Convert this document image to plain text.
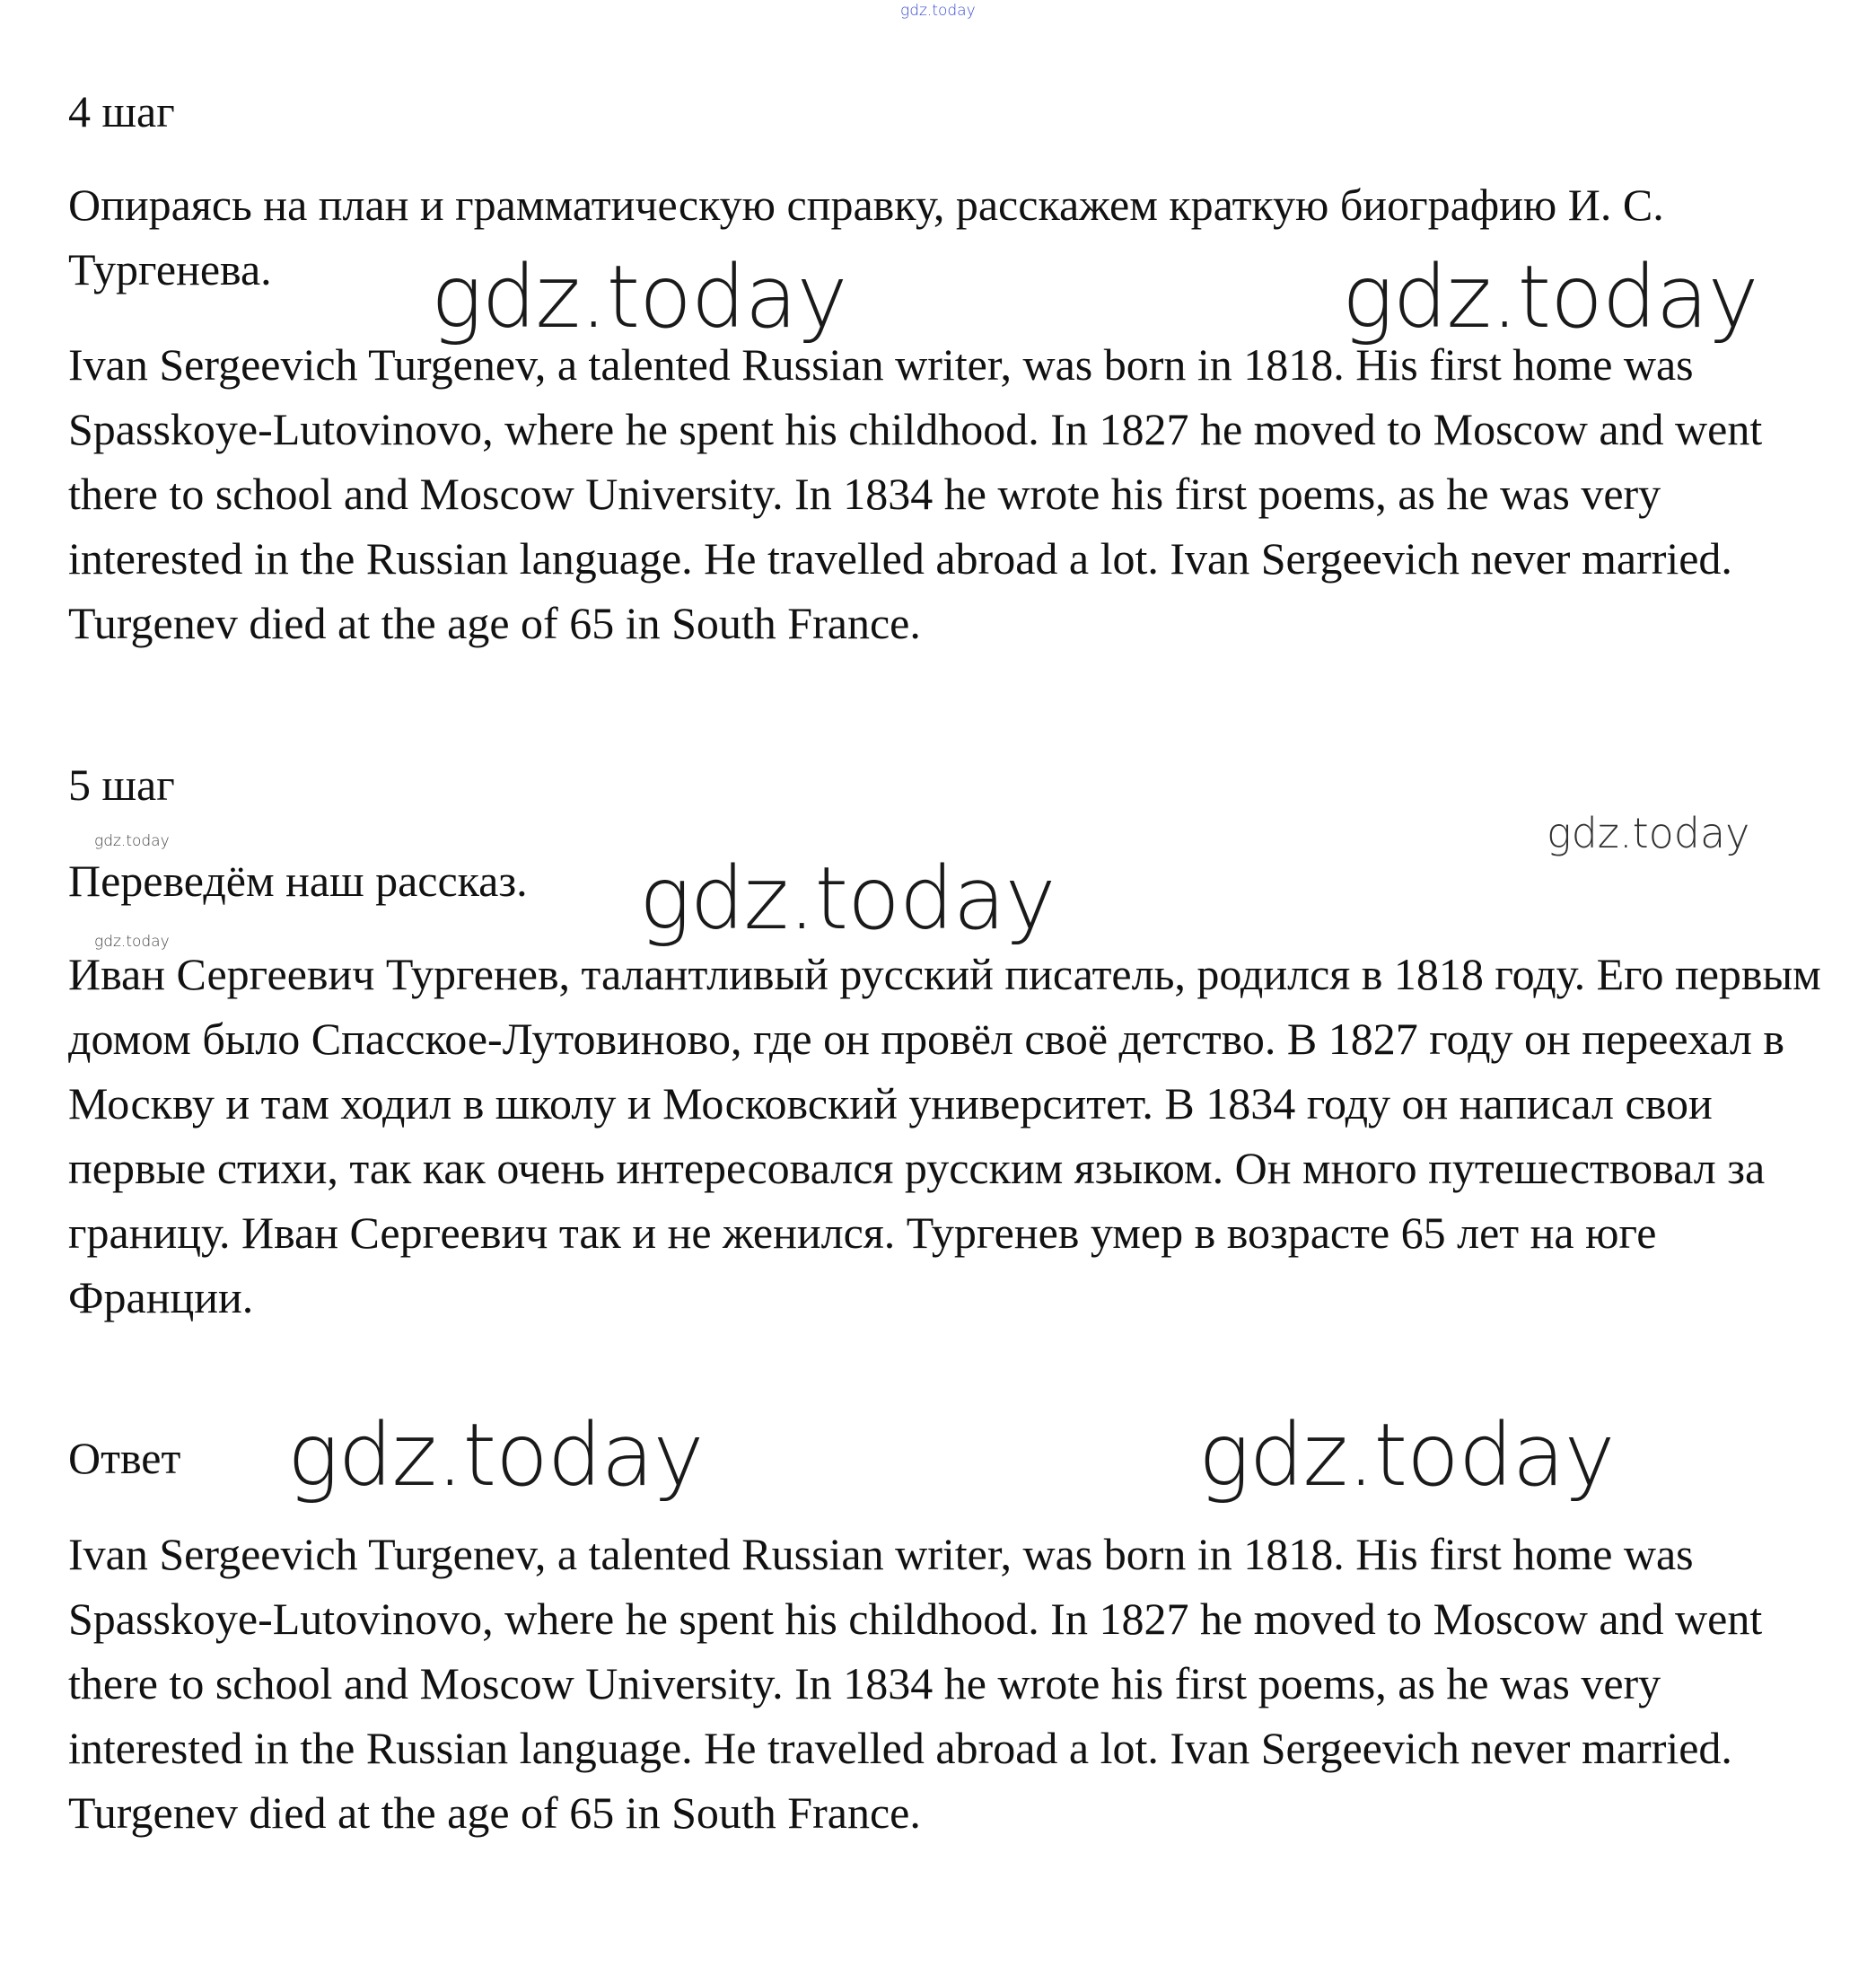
gdz.today
gdz.today	gdz.today
gdz.today	gdz.today
gdz.today
gdz.today
gdz.today	gdz.today
4 шаг
Опираясь на план и грамматическую справку, расскажем краткую биографию И. С. Тургенева.
Ivan Sergeevich Turgenev, a talented Russian writer, was born in 1818. His first home was Spasskoye-Lutovinovo, where he spent his childhood. In 1827 he moved to Moscow and went there to school and Moscow University. In 1834 he wrote his first poems, as he was very interested in the Russian language. He travelled abroad a lot. Ivan Sergeevich never married. Turgenev died at the age of 65 in South France.
5 шаг
Переведём наш рассказ.
Иван Сергеевич Тургенев, талантливый русский писатель, родился в 1818 году. Его первым домом было Спасское-Лутовиново, где он провёл своё детство. В 1827 году он переехал в Москву и там ходил в школу и Московский университет. В 1834 году он написал свои первые стихи, так как очень интересовался русским языком. Он много путешествовал за границу. Иван Сергеевич так и не женился. Тургенев умер в возрасте 65 лет на юге Франции.
Ответ
Ivan Sergeevich Turgenev, a talented Russian writer, was born in 1818. His first home was Spasskoye-Lutovinovo, where he spent his childhood. In 1827 he moved to Moscow and went there to school and Moscow University. In 1834 he wrote his first poems, as he was very interested in the Russian language. He travelled abroad a lot. Ivan Sergeevich never married. Turgenev died at the age of 65 in South France.
